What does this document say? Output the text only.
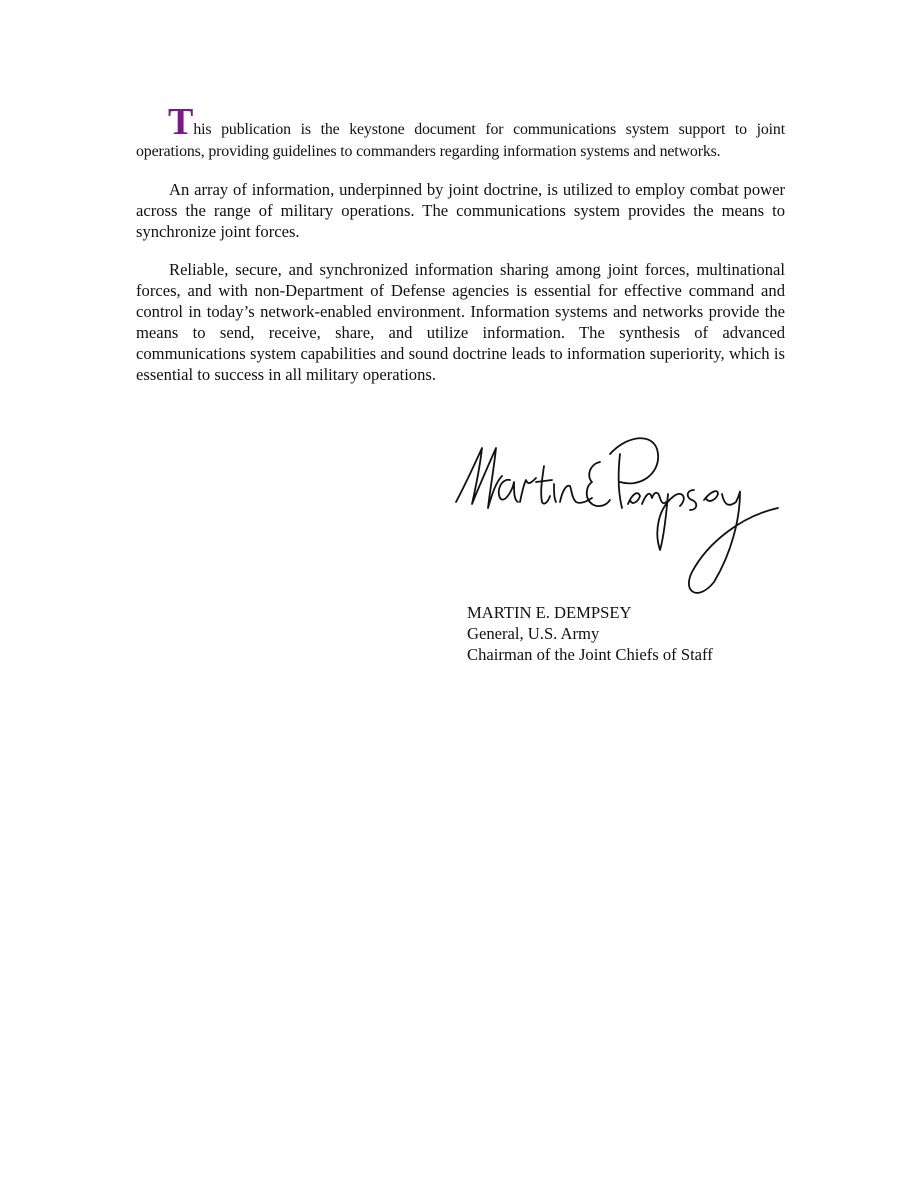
This publication is the keystone document for communications system support to joint operations, providing guidelines to commanders regarding information systems and networks.

An array of information, underpinned by joint doctrine, is utilized to employ combat power across the range of military operations. The communications system provides the means to synchronize joint forces.

Reliable, secure, and synchronized information sharing among joint forces, multinational forces, and with non-Department of Defense agencies is essential for effective command and control in today’s network-enabled environment. Information systems and networks provide the means to send, receive, share, and utilize information. The synthesis of advanced communications system capabilities and sound doctrine leads to information superiority, which is essential to success in all military operations.

MARTIN E. DEMPSEY
General, U.S. Army
Chairman of the Joint Chiefs of Staff
